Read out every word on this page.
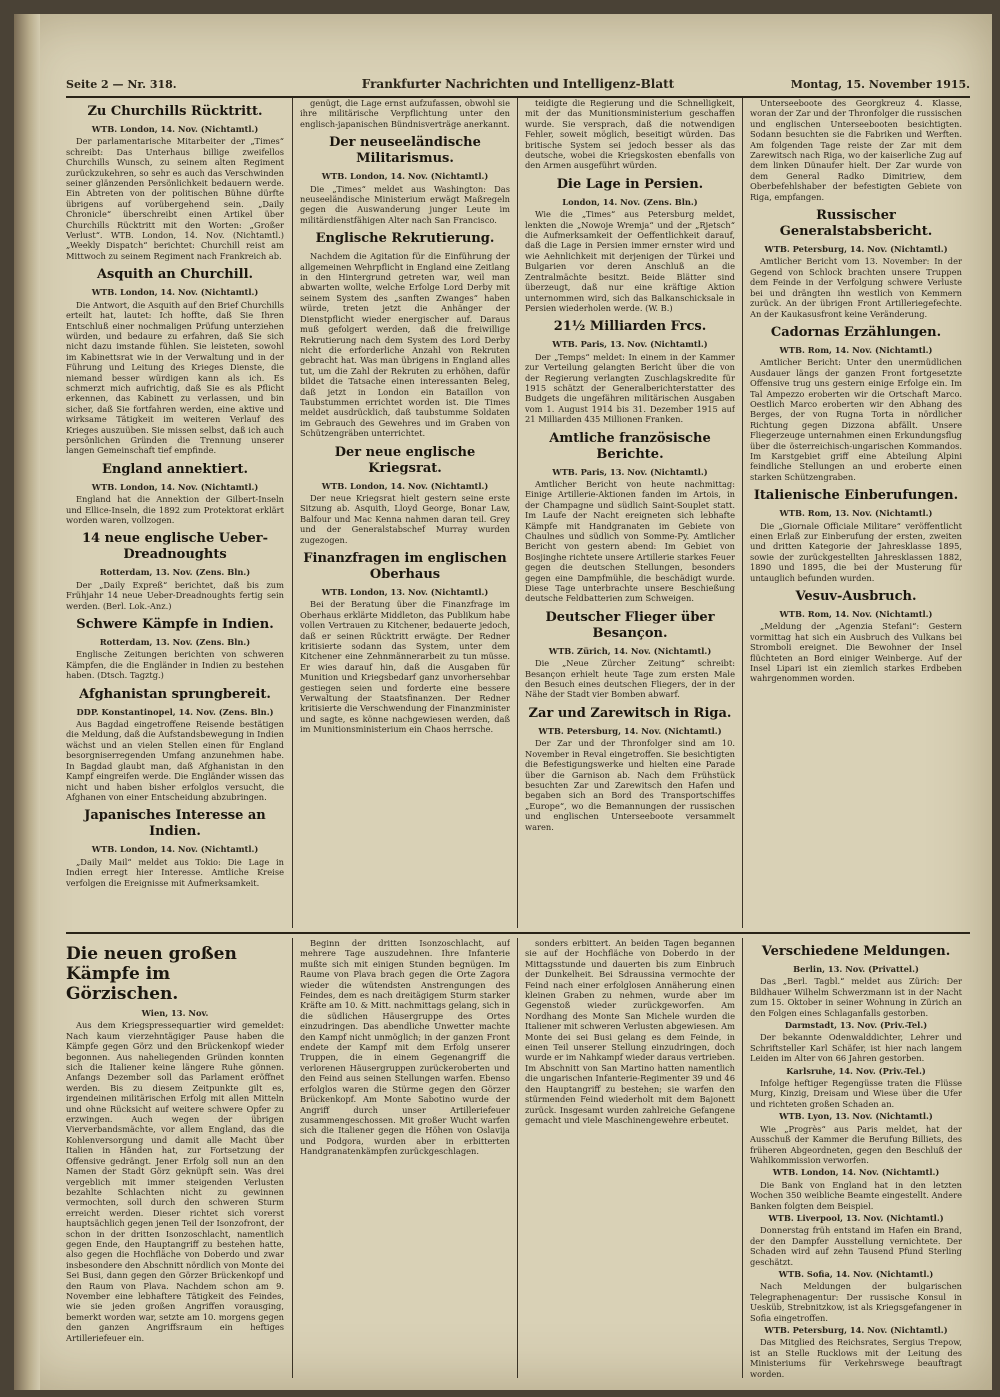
Seite 2 — Nr. 318.	Frankfurter Nachrichten und Intelligenz-Blatt	Montag, 15. November 1915.
Zu Churchills Rücktritt.
WTB. London, 14. Nov. (Nichtamtl.)

Der parlamentarische Mitarbeiter der „Times“ schreibt: Das Unterhaus billige zweifellos Churchills Wunsch, zu seinem alten Regiment zurückzukehren, so sehr es auch das Verschwinden seiner glänzenden Persönlichkeit bedauern werde. Ein Abtreten von der politischen Bühne dürfte übrigens auf vorübergehend sein. „Daily Chronicle“ überschreibt einen Artikel über Churchills Rücktritt mit den Worten: „Großer Verlust“. WTB. London, 14. Nov. (Nichtamtl.) „Weekly Dispatch“ berichtet: Churchill reist am Mittwoch zu seinem Regiment nach Frankreich ab.

Asquith an Churchill.
WTB. London, 14. Nov. (Nichtamtl.)

Die Antwort, die Asquith auf den Brief Churchills erteilt hat, lautet: Ich hoffte, daß Sie Ihren Entschluß einer nochmaligen Prüfung unterziehen würden, und bedaure zu erfahren, daß Sie sich nicht dazu imstande fühlen. Sie leisteten, sowohl im Kabinettsrat wie in der Verwaltung und in der Führung und Leitung des Krieges Dienste, die niemand besser würdigen kann als ich. Es schmerzt mich aufrichtig, daß Sie es als Pflicht erkennen, das Kabinett zu verlassen, und bin sicher, daß Sie fortfahren werden, eine aktive und wirksame Tätigkeit im weiteren Verlauf des Krieges auszuüben. Sie missen selbst, daß ich auch persönlichen Gründen die Trennung unserer langen Gemeinschaft tief empfinde.

England annektiert.
WTB. London, 14. Nov. (Nichtamtl.)

England hat die Annektion der Gilbert-Inseln und Ellice-Inseln, die 1892 zum Protektorat erklärt worden waren, vollzogen.

14 neue englische Ueber-Dreadnoughts
Rotterdam, 13. Nov. (Zens. Bln.)

Der „Daily Expreß“ berichtet, daß bis zum Frühjahr 14 neue Ueber-Dreadnoughts fertig sein werden. (Berl. Lok.-Anz.)

Schwere Kämpfe in Indien.
Rotterdam, 13. Nov. (Zens. Bln.)

Englische Zeitungen berichten von schweren Kämpfen, die die Engländer in Indien zu bestehen haben. (Dtsch. Tagztg.)

Afghanistan sprungbereit.
DDP. Konstantinopel, 14. Nov. (Zens. Bln.)

Aus Bagdad eingetroffene Reisende bestätigen die Meldung, daß die Aufstandsbewegung in Indien wächst und an vielen Stellen einen für England besorgniserregenden Umfang anzunehmen habe. In Bagdad glaubt man, daß Afghanistan in den Kampf eingreifen werde. Die Engländer wissen das nicht und haben bisher erfolglos versucht, die Afghanen von einer Entscheidung abzubringen.

Japanisches Interesse an Indien.
WTB. London, 14. Nov. (Nichtamtl.)

„Daily Mail“ meldet aus Tokio: Die Lage in Indien erregt hier Interesse. Amtliche Kreise verfolgen die Ereignisse mit Aufmerksamkeit.

genügt, die Lage ernst aufzufassen, obwohl sie ihre militärische Verpflichtung unter den englisch-japanischen Bündnisverträge anerkannt.

Der neuseeländische Militarismus.
WTB. London, 14. Nov. (Nichtamtl.)

Die „Times“ meldet aus Washington: Das neuseeländische Ministerium erwägt Maßregeln gegen die Auswanderung junger Leute im militärdienstfähigen Alter nach San Francisco.

Englische Rekrutierung.

Nachdem die Agitation für die Einführung der allgemeinen Wehrpflicht in England eine Zeitlang in den Hintergrund getreten war, weil man abwarten wollte, welche Erfolge Lord Derby mit seinem System des „sanften Zwanges“ haben würde, treten jetzt die Anhänger der Dienstpflicht wieder energischer auf. Daraus muß gefolgert werden, daß die freiwillige Rekrutierung nach dem System des Lord Derby nicht die erforderliche Anzahl von Rekruten gebracht hat. Was man übrigens in England alles tut, um die Zahl der Rekruten zu erhöhen, dafür bildet die Tatsache einen interessanten Beleg, daß jetzt in London ein Bataillon von Taubstummen errichtet worden ist. Die Times meldet ausdrücklich, daß taubstumme Soldaten im Gebrauch des Gewehres und im Graben von Schützengräben unterrichtet.

Der neue englische Kriegsrat.
WTB. London, 14. Nov. (Nichtamtl.)

Der neue Kriegsrat hielt gestern seine erste Sitzung ab. Asquith, Lloyd George, Bonar Law, Balfour und Mac Kenna nahmen daran teil. Grey und der Generalstabschef Murray wurden zugezogen.

Finanzfragen im englischen Oberhaus
WTB. London, 13. Nov. (Nichtamtl.)

Bei der Beratung über die Finanzfrage im Oberhaus erklärte Middleton, das Publikum habe vollen Vertrauen zu Kitchener, bedauerte jedoch, daß er seinen Rücktritt erwägte. Der Redner kritisierte sodann das System, unter dem Kitchener eine Zehnmännerarbeit zu tun müsse. Er wies darauf hin, daß die Ausgaben für Munition und Kriegsbedarf ganz unvorhersehbar gestiegen seien und forderte eine bessere Verwaltung der Staatsfinanzen. Der Redner kritisierte die Verschwendung der Finanzminister und sagte, es könne nachgewiesen werden, daß im Munitionsministerium ein Chaos herrsche.

teidigte die Regierung und die Schnelligkeit, mit der das Munitionsministerium geschaffen wurde. Sie versprach, daß die notwendigen Fehler, soweit möglich, beseitigt würden. Das britische System sei jedoch besser als das deutsche, wobei die Kriegskosten ebenfalls von den Armen ausgeführt würden.

Die Lage in Persien.
London, 14. Nov. (Zens. Bln.)

Wie die „Times“ aus Petersburg meldet, lenkten die „Nowoje Wremja“ und der „Rjetsch“ die Aufmerksamkeit der Oeffentlichkeit darauf, daß die Lage in Persien immer ernster wird und wie Aehnlichkeit mit derjenigen der Türkei und Bulgarien vor deren Anschluß an die Zentralmächte besitzt. Beide Blätter sind überzeugt, daß nur eine kräftige Aktion unternommen wird, sich das Balkanschicksale in Persien wiederholen werde. (W. B.)

21½ Milliarden Frcs.
WTB. Paris, 13. Nov. (Nichtamtl.)

Der „Temps“ meldet: In einem in der Kammer zur Verteilung gelangten Bericht über die von der Regierung verlangten Zuschlagskredite für 1915 schätzt der Generalberichterstatter des Budgets die ungefähren militärischen Ausgaben vom 1. August 1914 bis 31. Dezember 1915 auf 21 Milliarden 435 Millionen Franken.

Amtliche französische Berichte.
WTB. Paris, 13. Nov. (Nichtamtl.)

Amtlicher Bericht von heute nachmittag: Einige Artillerie-Aktionen fanden im Artois, in der Champagne und südlich Saint-Souplet statt. Im Laufe der Nacht ereigneten sich lebhafte Kämpfe mit Handgranaten im Gebiete von Chaulnes und südlich von Somme-Py. Amtlicher Bericht von gestern abend: Im Gebiet von Bosjinghe richtete unsere Artillerie starkes Feuer gegen die deutschen Stellungen, besonders gegen eine Dampfmühle, die beschädigt wurde. Diese Tage unterbrachte unsere Beschießung deutsche Feldbatterien zum Schweigen.

Deutscher Flieger über Besançon.
WTB. Zürich, 14. Nov. (Nichtamtl.)

Die „Neue Zürcher Zeitung“ schreibt: Besançon erhielt heute Tage zum ersten Male den Besuch eines deutschen Fliegers, der in der Nähe der Stadt vier Bomben abwarf.

Zar und Zarewitsch in Riga.
WTB. Petersburg, 14. Nov. (Nichtamtl.)

Der Zar und der Thronfolger sind am 10. November in Reval eingetroffen. Sie besichtigten die Befestigungswerke und hielten eine Parade über die Garnison ab. Nach dem Frühstück besuchten Zar und Zarewitsch den Hafen und begaben sich an Bord des Transportschiffes „Europe“, wo die Bemannungen der russischen und englischen Unterseeboote versammelt waren.

Unterseeboote des Georgkreuz 4. Klasse, woran der Zar und der Thronfolger die russischen und englischen Unterseebooten besichtigten. Sodann besuchten sie die Fabriken und Werften. Am folgenden Tage reiste der Zar mit dem Zarewitsch nach Riga, wo der kaiserliche Zug auf dem linken Dünaufer hielt. Der Zar wurde von dem General Radko Dimitriew, dem Oberbefehlshaber der befestigten Gebiete von Riga, empfangen.

Russischer Generalstabsbericht.
WTB. Petersburg, 14. Nov. (Nichtamtl.)

Amtlicher Bericht vom 13. November: In der Gegend von Schlock brachten unsere Truppen dem Feinde in der Verfolgung schwere Verluste bei und drängten ihn westlich von Kemmern zurück. An der übrigen Front Artilleriegefechte. An der Kaukasusfront keine Veränderung.

Cadornas Erzählungen.
WTB. Rom, 14. Nov. (Nichtamtl.)

Amtlicher Bericht: Unter den unermüdlichen Ausdauer längs der ganzen Front fortgesetzte Offensive trug uns gestern einige Erfolge ein. Im Tal Ampezzo eroberten wir die Ortschaft Marco. Oestlich Marco eroberten wir den Abhang des Berges, der von Rugna Torta in nördlicher Richtung gegen Dizzona abfällt. Unsere Fliegerzeuge unternahmen einen Erkundungsflug über die österreichisch-ungarischen Kommandos. Im Karstgebiet griff eine Abteilung Alpini feindliche Stellungen an und eroberte einen starken Schützengraben.

Italienische Einberufungen.
WTB. Rom, 13. Nov. (Nichtamtl.)

Die „Giornale Officiale Militare“ veröffentlicht einen Erlaß zur Einberufung der ersten, zweiten und dritten Kategorie der Jahresklasse 1895, sowie der zurückgestellten Jahresklassen 1882, 1890 und 1895, die bei der Musterung für untauglich befunden wurden.

Vesuv-Ausbruch.
WTB. Rom, 14. Nov. (Nichtamtl.)

„Meldung der „Agenzia Stefani“: Gestern vormittag hat sich ein Ausbruch des Vulkans bei Stromboli ereignet. Die Bewohner der Insel flüchteten an Bord einiger Weinberge. Auf der Insel Lipari ist ein ziemlich starkes Erdbeben wahrgenommen worden.

Die neuen großen Kämpfe im Görzischen.
Wien, 13. Nov.

Aus dem Kriegspressequartier wird gemeldet: Nach kaum vierzehntägiger Pause haben die Kämpfe gegen Görz und den Brückenkopf wieder begonnen. Aus naheliegenden Gründen konnten sich die Italiener keine längere Ruhe gönnen. Anfangs Dezember soll das Parlament eröffnet werden. Bis zu diesem Zeitpunkte gilt es, irgendeinen militärischen Erfolg mit allen Mitteln und ohne Rücksicht auf weitere schwere Opfer zu erzwingen. Auch wegen der übrigen Vierverbandsmächte, vor allem England, das die Kohlenversorgung und damit alle Macht über Italien in Händen hat, zur Fortsetzung der Offensive gedrängt. Jener Erfolg soll nun an den Namen der Stadt Görz geknüpft sein. Was drei vergeblich mit immer steigenden Verlusten bezahlte Schlachten nicht zu gewinnen vermochten, soll durch den schweren Sturm erreicht werden. Dieser richtet sich vorerst hauptsächlich gegen jenen Teil der Isonzofront, der schon in der dritten Isonzoschlacht, namentlich gegen Ende, den Hauptangriff zu bestehen hatte, also gegen die Hochfläche von Doberdo und zwar insbesondere den Abschnitt nördlich von Monte dei Sei Busi, dann gegen den Görzer Brückenkopf und den Raum von Plava. Nachdem schon am 9. November eine lebhaftere Tätigkeit des Feindes, wie sie jeden großen Angriffen vorausging, bemerkt worden war, setzte am 10. morgens gegen den ganzen Angriffsraum ein heftiges Artilleriefeuer ein.

Beginn der dritten Isonzoschlacht, auf mehrere Tage auszudehnen. Ihre Infanterie mußte sich mit einigen Stunden begnügen. Im Raume von Plava brach gegen die Orte Zagora wieder die wütendsten Anstrengungen des Feindes, dem es nach dreitägigem Sturm starker Kräfte am 10. & Mitt. nachmittags gelang, sich in die südlichen Häusergruppe des Ortes einzudringen. Das abendliche Unwetter machte den Kampf nicht unmöglich; in der ganzen Front endete der Kampf mit dem Erfolg unserer Truppen, die in einem Gegenangriff die verlorenen Häusergruppen zurückeroberten und den Feind aus seinen Stellungen warfen. Ebenso erfolglos waren die Stürme gegen den Görzer Brückenkopf. Am Monte Sabotino wurde der Angriff durch unser Artilleriefeuer zusammengeschossen. Mit großer Wucht warfen sich die Italiener gegen die Höhen von Oslavija und Podgora, wurden aber in erbitterten Handgranatenkämpfen zurückgeschlagen.

sonders erbittert. An beiden Tagen begannen sie auf der Hochfläche von Doberdo in der Mittagsstunde und dauerten bis zum Einbruch der Dunkelheit. Bei Sdraussina vermochte der Feind nach einer erfolglosen Annäherung einen kleinen Graben zu nehmen, wurde aber im Gegenstoß wieder zurückgeworfen. Am Nordhang des Monte San Michele wurden die Italiener mit schweren Verlusten abgewiesen. Am Monte dei sei Busi gelang es dem Feinde, in einen Teil unserer Stellung einzudringen, doch wurde er im Nahkampf wieder daraus vertrieben. Im Abschnitt von San Martino hatten namentlich die ungarischen Infanterie-Regimenter 39 und 46 den Hauptangriff zu bestehen; sie warfen den stürmenden Feind wiederholt mit dem Bajonett zurück. Insgesamt wurden zahlreiche Gefangene gemacht und viele Maschinengewehre erbeutet.

Verschiedene Meldungen.
Berlin, 13. Nov. (Privattel.)

Das „Berl. Tagbl.“ meldet aus Zürich: Der Bildhauer Wilhelm Schwerzmann ist in der Nacht zum 15. Oktober in seiner Wohnung in Zürich an den Folgen eines Schlaganfalls gestorben.

Darmstadt, 13. Nov. (Priv.-Tel.)

Der bekannte Odenwalddichter, Lehrer und Schriftsteller Karl Schäfer, ist hier nach langem Leiden im Alter von 66 Jahren gestorben.

Karlsruhe, 14. Nov. (Priv.-Tel.)

Infolge heftiger Regengüsse traten die Flüsse Murg, Kinzig, Dreisam und Wiese über die Ufer und richteten großen Schaden an.

WTB. Lyon, 13. Nov. (Nichtamtl.)

Wie „Progrès“ aus Paris meldet, hat der Ausschuß der Kammer die Berufung Billiets, des früheren Abgeordneten, gegen den Beschluß der Wahlkommission verworfen.

WTB. London, 14. Nov. (Nichtamtl.)

Die Bank von England hat in den letzten Wochen 350 weibliche Beamte eingestellt. Andere Banken folgten dem Beispiel.

WTB. Liverpool, 13. Nov. (Nichtamtl.)

Donnerstag früh entstand im Hafen ein Brand, der den Dampfer Ausstellung vernichtete. Der Schaden wird auf zehn Tausend Pfund Sterling geschätzt.

WTB. Sofia, 14. Nov. (Nichtamtl.)

Nach Meldungen der bulgarischen Telegraphenagentur: Der russische Konsul in Uesküb, Strebnitzkow, ist als Kriegsgefangener in Sofia eingetroffen.

WTB. Petersburg, 14. Nov. (Nichtamtl.)

Das Mitglied des Reichsrates, Sergius Trepow, ist an Stelle Rucklows mit der Leitung des Ministeriums für Verkehrswege beauftragt worden.
